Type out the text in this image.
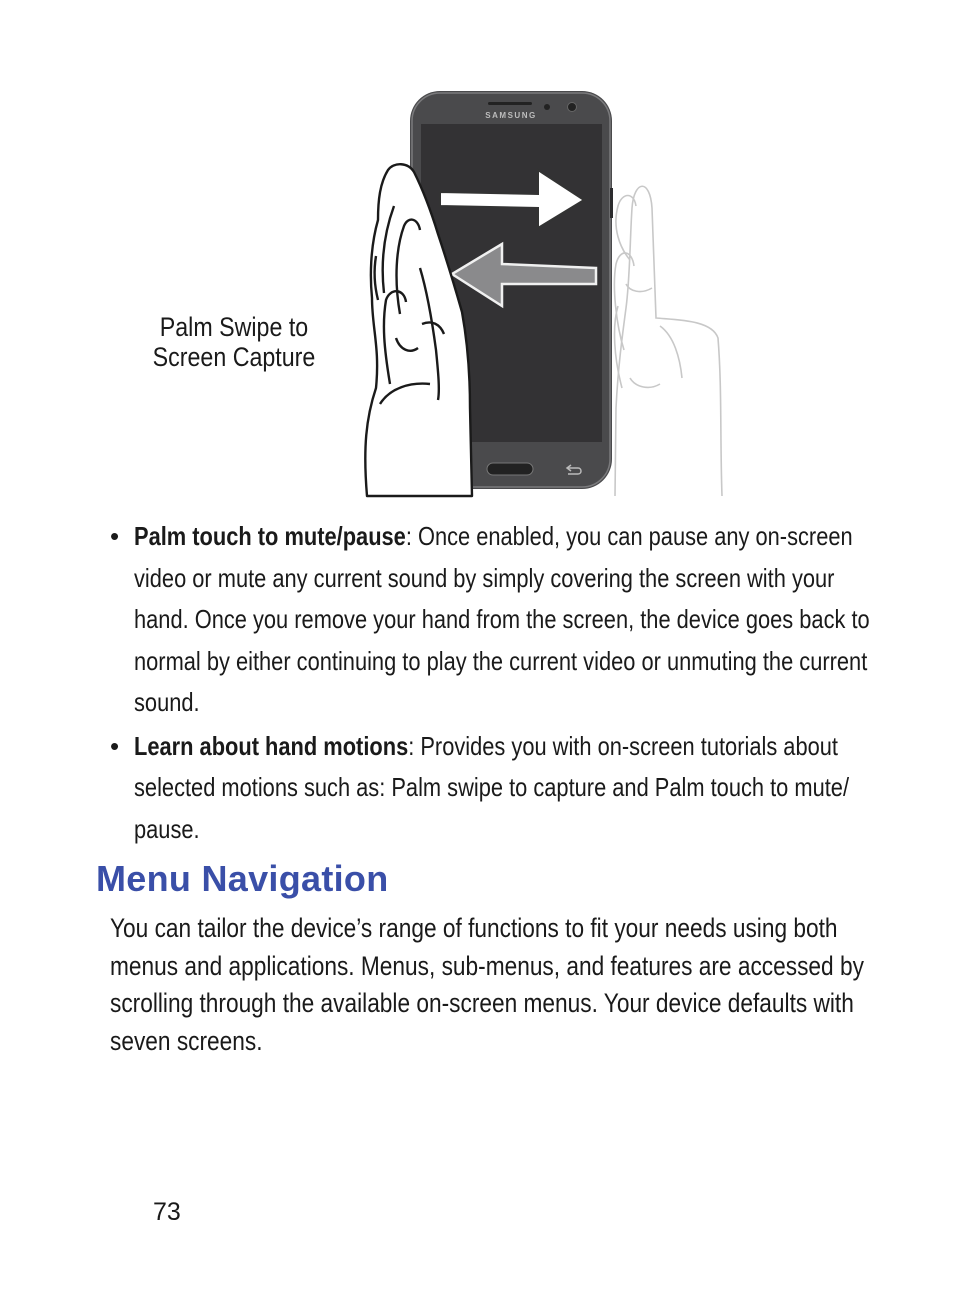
SAMSUNG
Palm Swipe to
Screen Capture
• Palm touch to mute/pause: Once enabled, you can pause any on-screen video or mute any current sound by simply covering the screen with your hand. Once you remove your hand from the screen, the device goes back to normal by either continuing to play the current video or unmuting the current sound.
• Learn about hand motions: Provides you with on-screen tutorials about selected motions such as: Palm swipe to capture and Palm touch to mute/ pause.
Menu Navigation
You can tailor the device’s range of functions to fit your needs using both menus and applications. Menus, sub-menus, and features are accessed by scrolling through the available on-screen menus. Your device defaults with seven screens.
73
